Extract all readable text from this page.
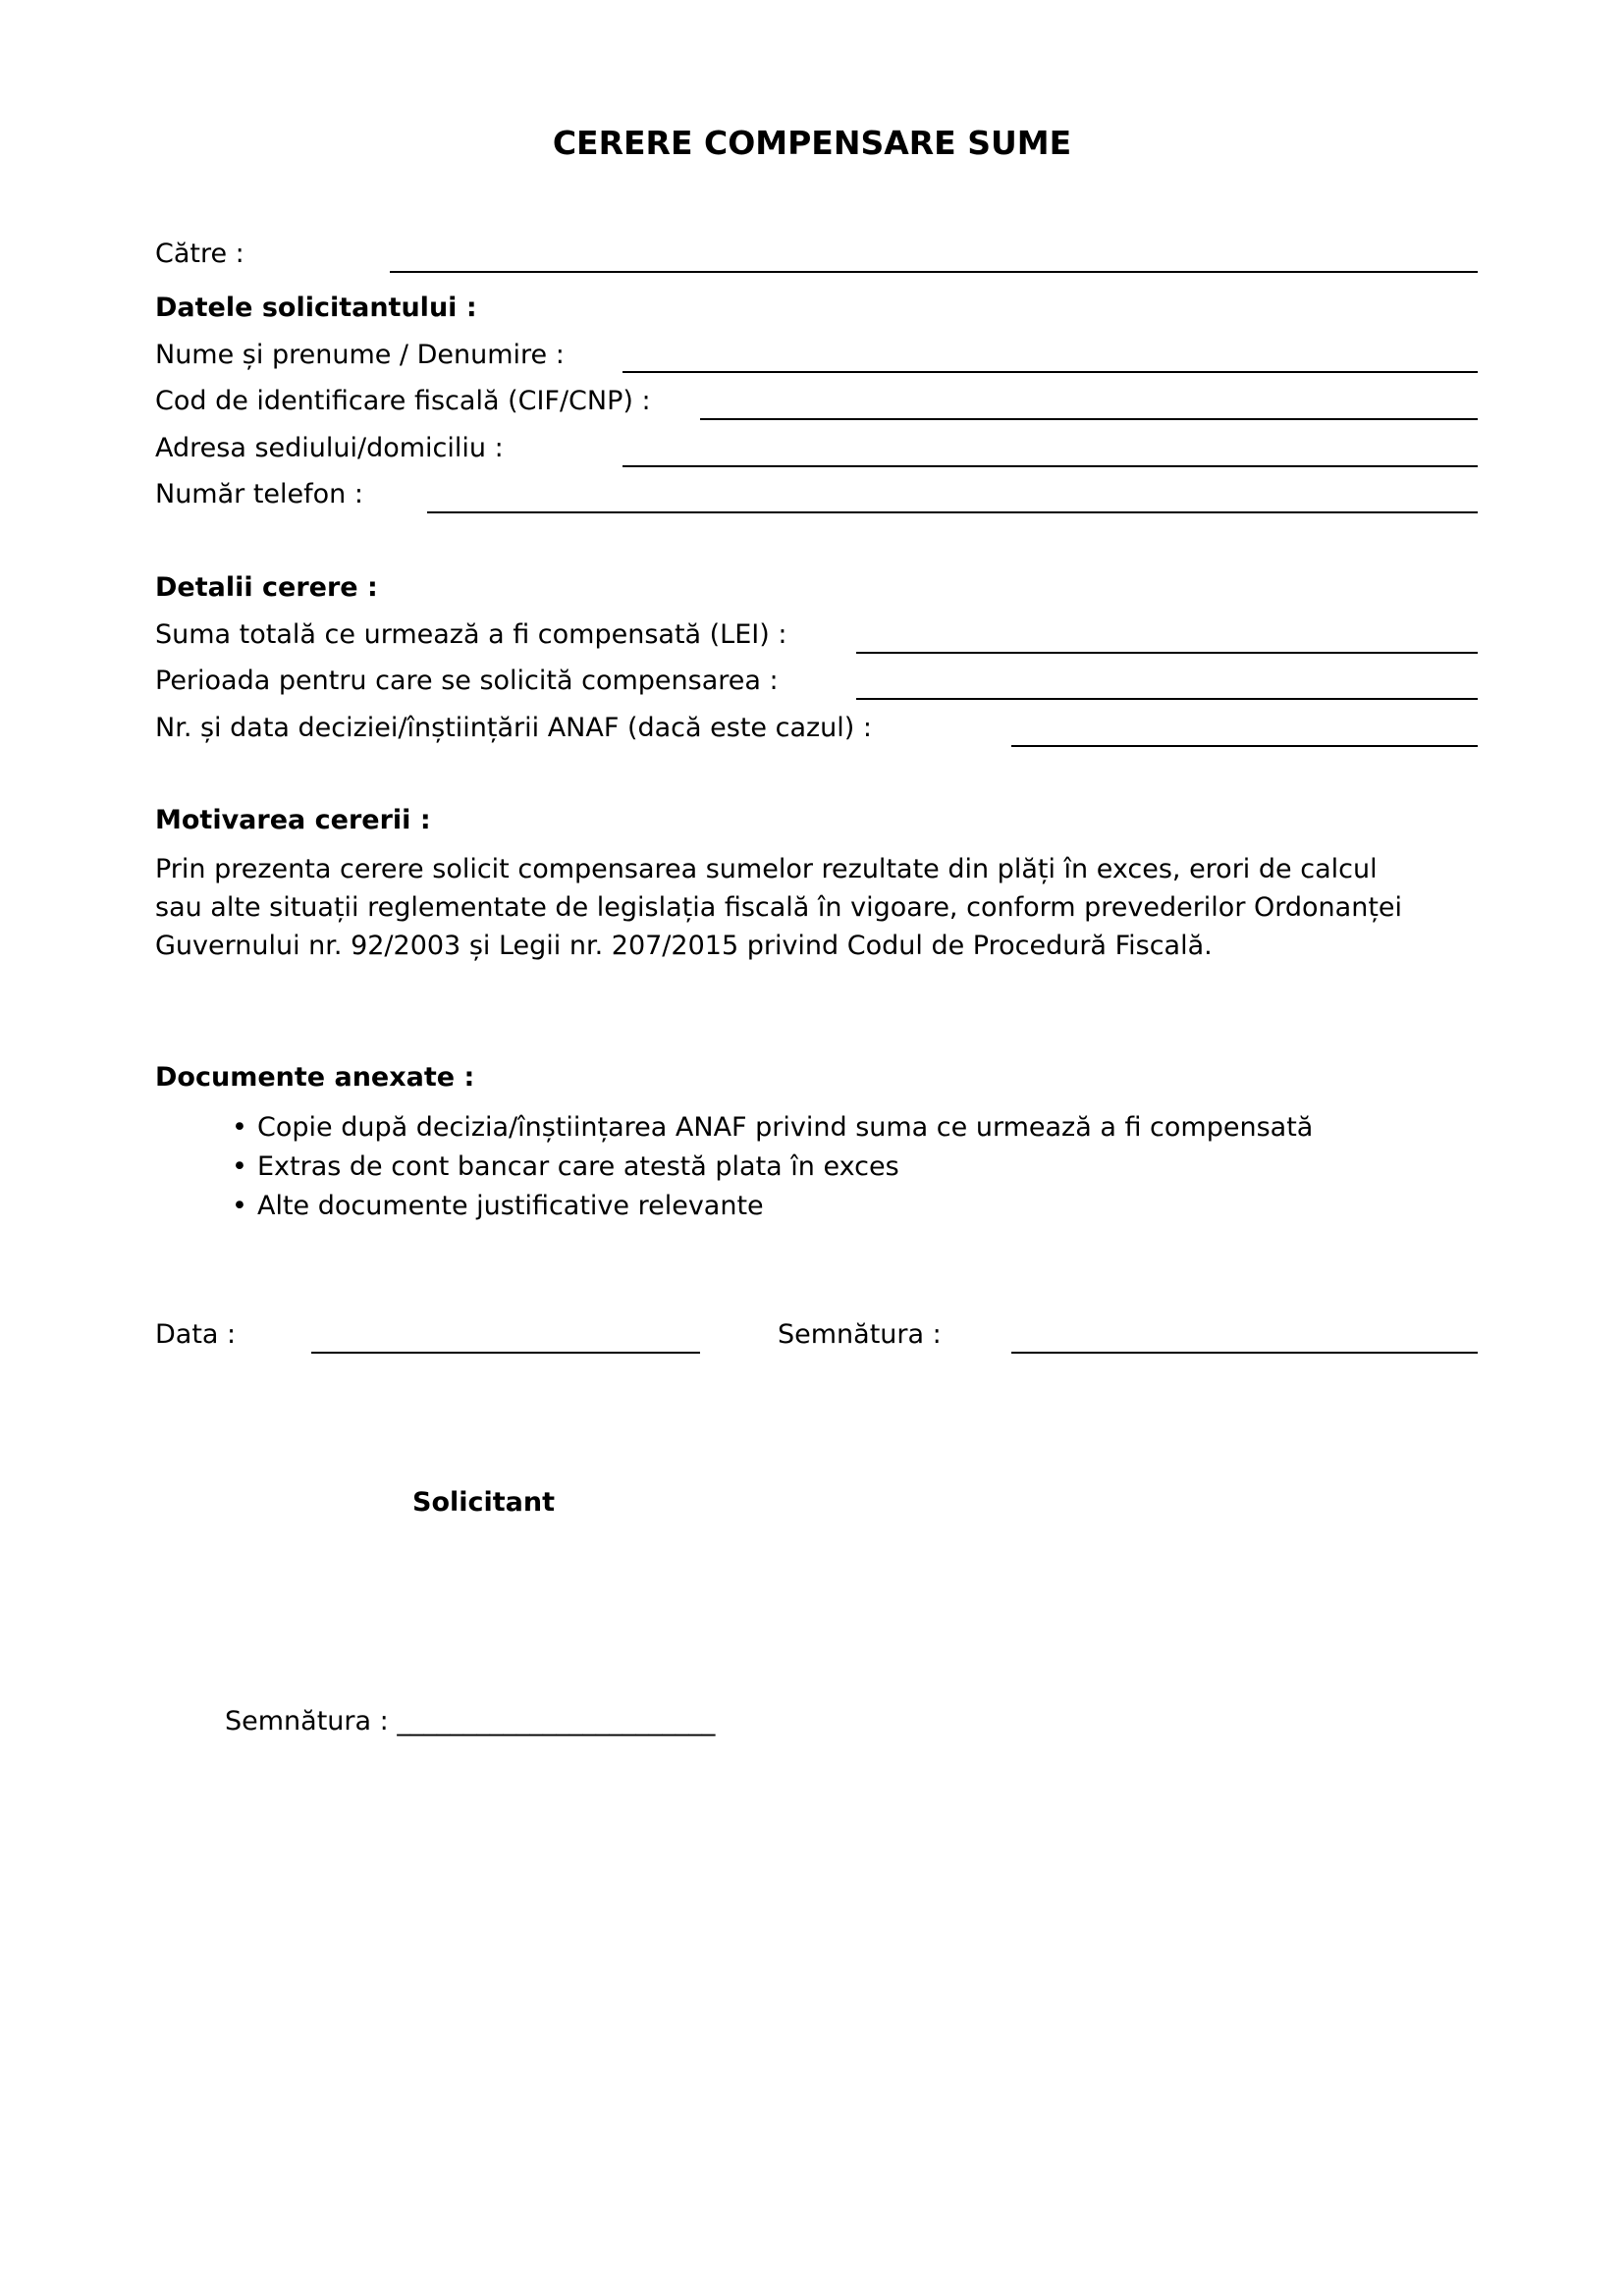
CERERE COMPENSARE SUME
Către :
Datele solicitantului :
Nume și prenume / Denumire :
Cod de identificare fiscală (CIF/CNP) :
Adresa sediului/domiciliu :
Număr telefon :
Detalii cerere :
Suma totală ce urmează a fi compensată (LEI) :
Perioada pentru care se solicită compensarea :
Nr. și data deciziei/înștiințării ANAF (dacă este cazul) :
Motivarea cererii :
Prin prezenta cerere solicit compensarea sumelor rezultate din plăți în exces, erori de calcul
sau alte situații reglementate de legislația fiscală în vigoare, conform prevederilor Ordonanței
Guvernului nr. 92/2003 și Legii nr. 207/2015 privind Codul de Procedură Fiscală.
Documente anexate :
• Copie după decizia/înștiințarea ANAF privind suma ce urmează a fi compensată
• Extras de cont bancar care atestă plata în exces
• Alte documente justificative relevante
Data :	Semnătura :
Solicitant
Semnătura : ________________________
